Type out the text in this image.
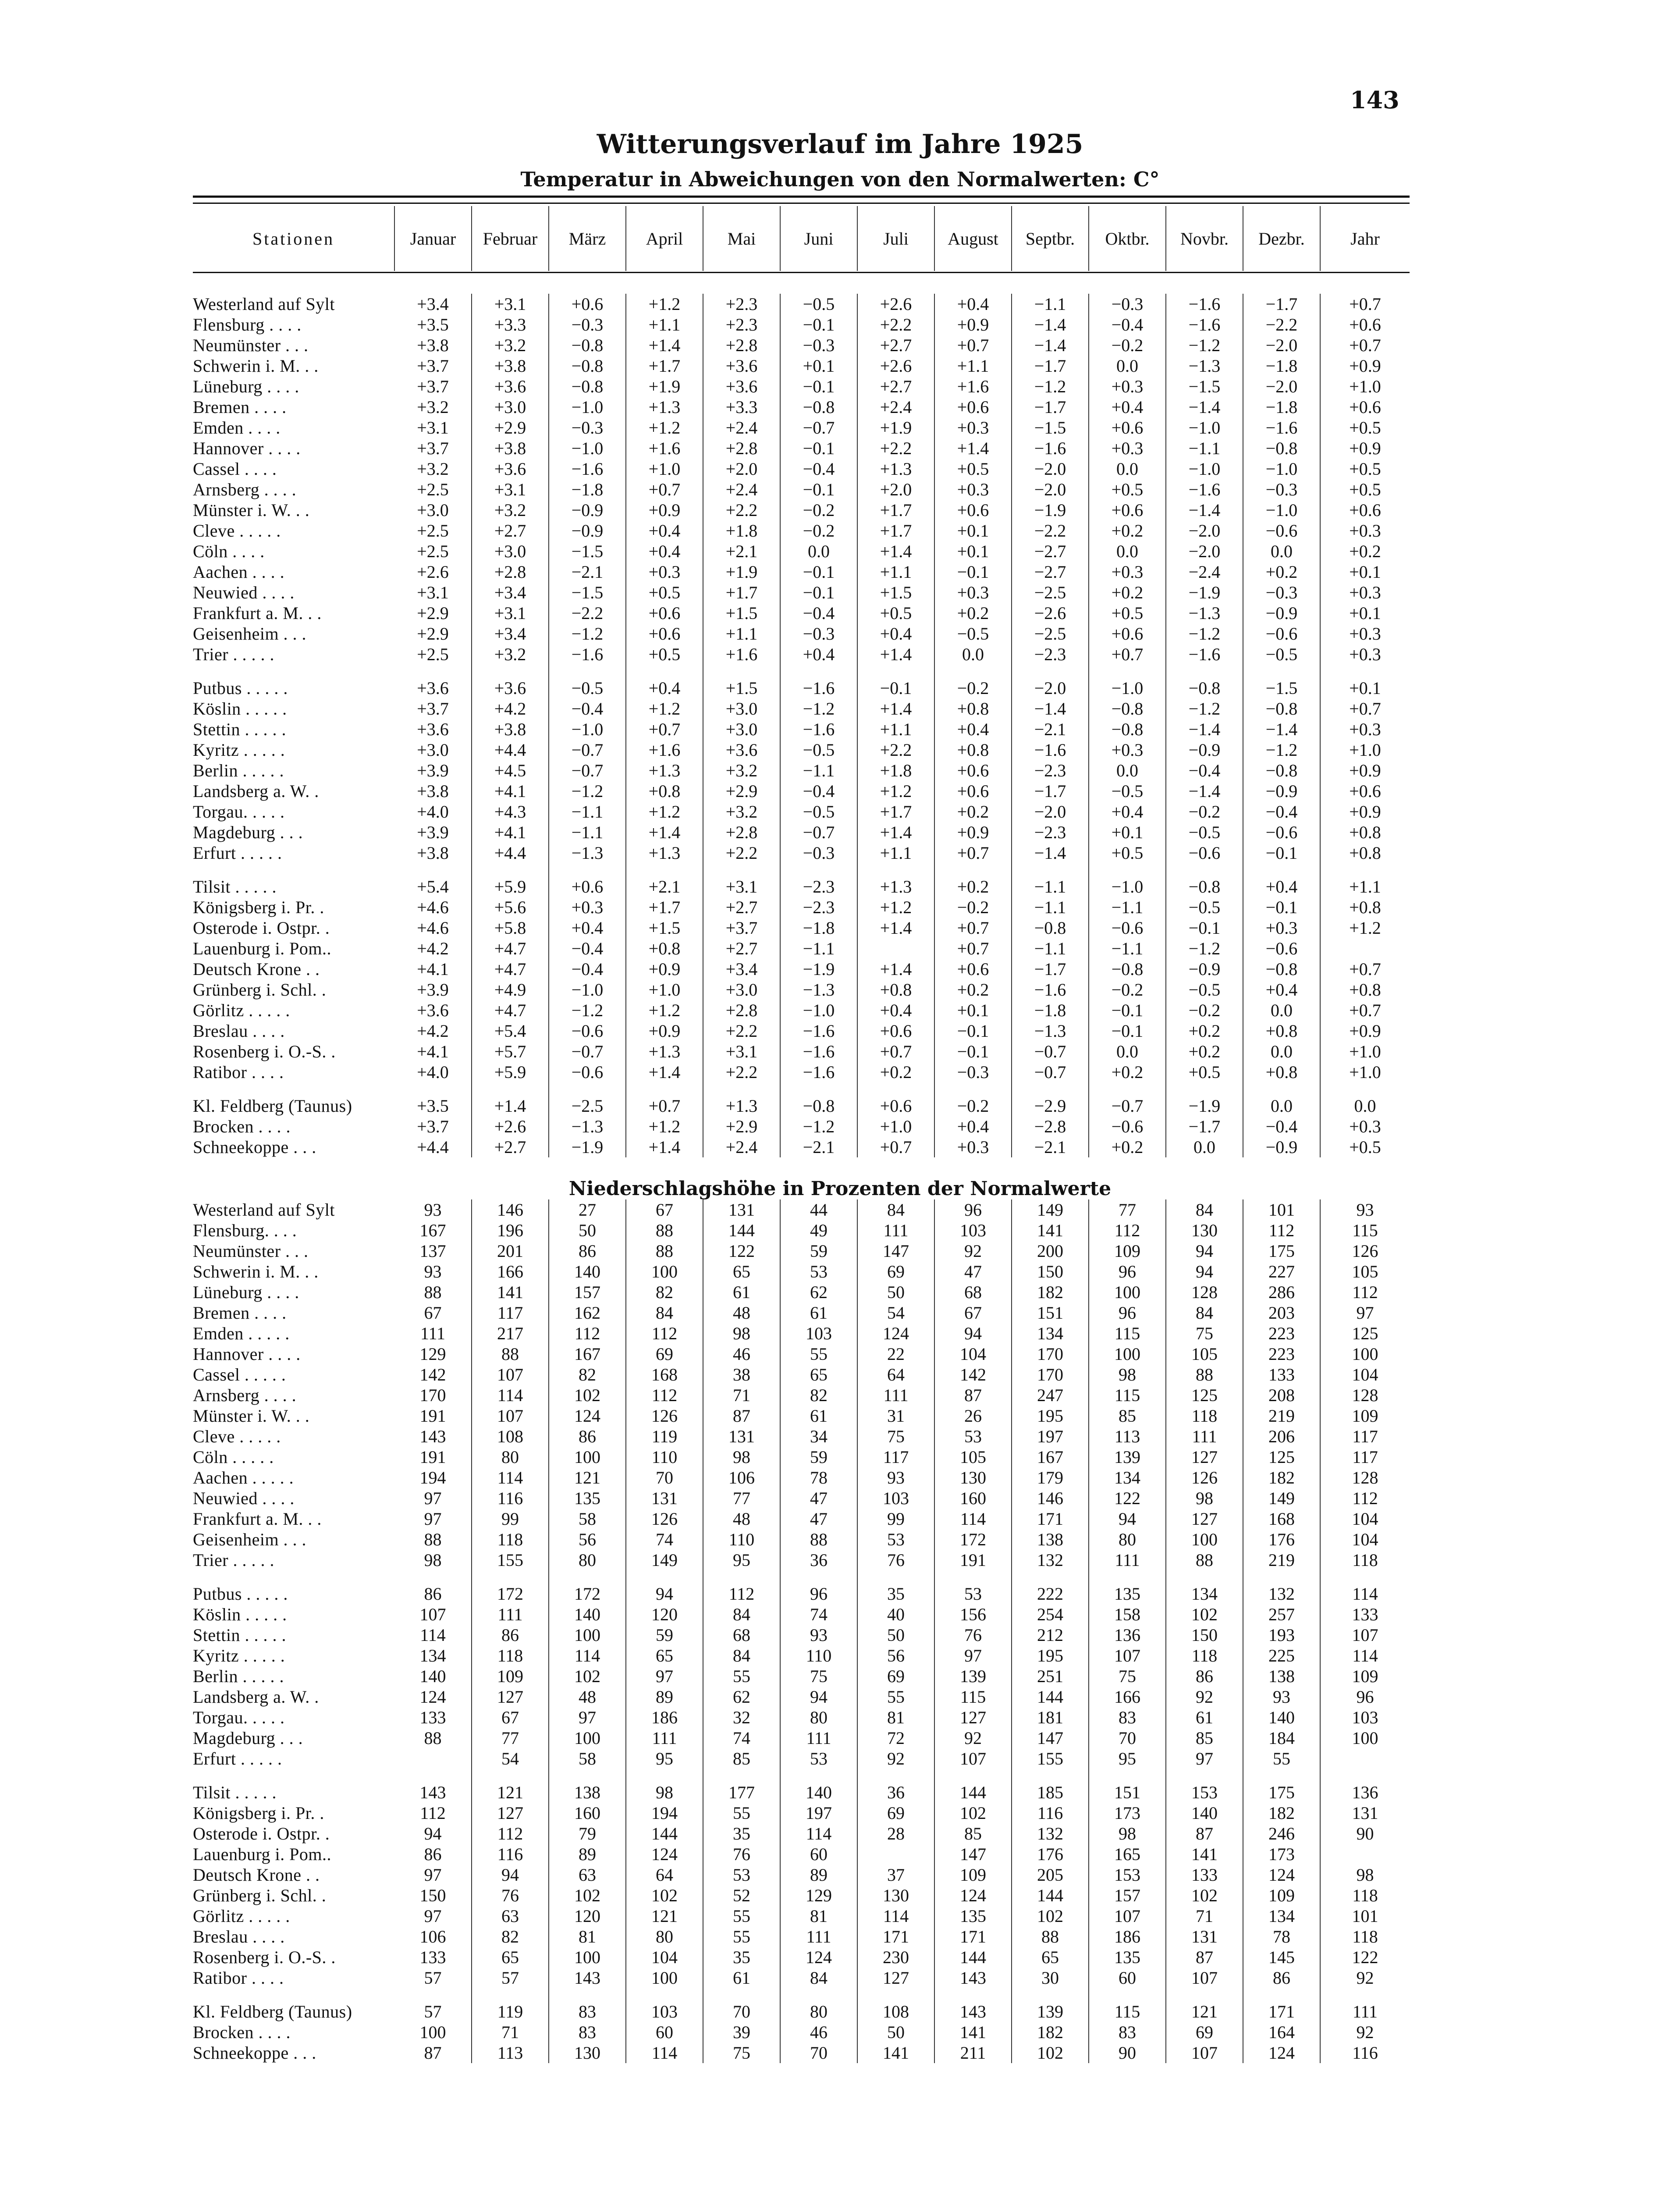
143
Witterungsverlauf im Jahre 1925
Temperatur in Abweichungen von den Normalwerten: C°
Stationen	Januar	Februar	März	April	Mai	Juni	Juli	August	Septbr.	Oktbr.	Novbr.	Dezbr.	Jahr
Westerland auf Sylt	+3.4	+3.1	+0.6	+1.2	+2.3	−0.5	+2.6	+0.4	−1.1	−0.3	−1.6	−1.7	+0.7
Flensburg . . . .	+3.5	+3.3	−0.3	+1.1	+2.3	−0.1	+2.2	+0.9	−1.4	−0.4	−1.6	−2.2	+0.6
Neumünster . . .	+3.8	+3.2	−0.8	+1.4	+2.8	−0.3	+2.7	+0.7	−1.4	−0.2	−1.2	−2.0	+0.7
Schwerin i. M. . .	+3.7	+3.8	−0.8	+1.7	+3.6	+0.1	+2.6	+1.1	−1.7	0.0	−1.3	−1.8	+0.9
Lüneburg . . . .	+3.7	+3.6	−0.8	+1.9	+3.6	−0.1	+2.7	+1.6	−1.2	+0.3	−1.5	−2.0	+1.0
Bremen . . . .	+3.2	+3.0	−1.0	+1.3	+3.3	−0.8	+2.4	+0.6	−1.7	+0.4	−1.4	−1.8	+0.6
Emden . . . .	+3.1	+2.9	−0.3	+1.2	+2.4	−0.7	+1.9	+0.3	−1.5	+0.6	−1.0	−1.6	+0.5
Hannover . . . .	+3.7	+3.8	−1.0	+1.6	+2.8	−0.1	+2.2	+1.4	−1.6	+0.3	−1.1	−0.8	+0.9
Cassel . . . .	+3.2	+3.6	−1.6	+1.0	+2.0	−0.4	+1.3	+0.5	−2.0	0.0	−1.0	−1.0	+0.5
Arnsberg . . . .	+2.5	+3.1	−1.8	+0.7	+2.4	−0.1	+2.0	+0.3	−2.0	+0.5	−1.6	−0.3	+0.5
Münster i. W. . .	+3.0	+3.2	−0.9	+0.9	+2.2	−0.2	+1.7	+0.6	−1.9	+0.6	−1.4	−1.0	+0.6
Cleve . . . . .	+2.5	+2.7	−0.9	+0.4	+1.8	−0.2	+1.7	+0.1	−2.2	+0.2	−2.0	−0.6	+0.3
Cöln . . . .	+2.5	+3.0	−1.5	+0.4	+2.1	0.0	+1.4	+0.1	−2.7	0.0	−2.0	0.0	+0.2
Aachen . . . .	+2.6	+2.8	−2.1	+0.3	+1.9	−0.1	+1.1	−0.1	−2.7	+0.3	−2.4	+0.2	+0.1
Neuwied . . . .	+3.1	+3.4	−1.5	+0.5	+1.7	−0.1	+1.5	+0.3	−2.5	+0.2	−1.9	−0.3	+0.3
Frankfurt a. M. . .	+2.9	+3.1	−2.2	+0.6	+1.5	−0.4	+0.5	+0.2	−2.6	+0.5	−1.3	−0.9	+0.1
Geisenheim . . .	+2.9	+3.4	−1.2	+0.6	+1.1	−0.3	+0.4	−0.5	−2.5	+0.6	−1.2	−0.6	+0.3
Trier . . . . .	+2.5	+3.2	−1.6	+0.5	+1.6	+0.4	+1.4	0.0	−2.3	+0.7	−1.6	−0.5	+0.3

Putbus . . . . .	+3.6	+3.6	−0.5	+0.4	+1.5	−1.6	−0.1	−0.2	−2.0	−1.0	−0.8	−1.5	+0.1
Köslin . . . . .	+3.7	+4.2	−0.4	+1.2	+3.0	−1.2	+1.4	+0.8	−1.4	−0.8	−1.2	−0.8	+0.7
Stettin . . . . .	+3.6	+3.8	−1.0	+0.7	+3.0	−1.6	+1.1	+0.4	−2.1	−0.8	−1.4	−1.4	+0.3
Kyritz . . . . .	+3.0	+4.4	−0.7	+1.6	+3.6	−0.5	+2.2	+0.8	−1.6	+0.3	−0.9	−1.2	+1.0
Berlin . . . . .	+3.9	+4.5	−0.7	+1.3	+3.2	−1.1	+1.8	+0.6	−2.3	0.0	−0.4	−0.8	+0.9
Landsberg a. W. .	+3.8	+4.1	−1.2	+0.8	+2.9	−0.4	+1.2	+0.6	−1.7	−0.5	−1.4	−0.9	+0.6
Torgau. . . . .	+4.0	+4.3	−1.1	+1.2	+3.2	−0.5	+1.7	+0.2	−2.0	+0.4	−0.2	−0.4	+0.9
Magdeburg . . .	+3.9	+4.1	−1.1	+1.4	+2.8	−0.7	+1.4	+0.9	−2.3	+0.1	−0.5	−0.6	+0.8
Erfurt . . . . .	+3.8	+4.4	−1.3	+1.3	+2.2	−0.3	+1.1	+0.7	−1.4	+0.5	−0.6	−0.1	+0.8

Tilsit . . . . .	+5.4	+5.9	+0.6	+2.1	+3.1	−2.3	+1.3	+0.2	−1.1	−1.0	−0.8	+0.4	+1.1
Königsberg i. Pr. .	+4.6	+5.6	+0.3	+1.7	+2.7	−2.3	+1.2	−0.2	−1.1	−1.1	−0.5	−0.1	+0.8
Osterode i. Ostpr. .	+4.6	+5.8	+0.4	+1.5	+3.7	−1.8	+1.4	+0.7	−0.8	−0.6	−0.1	+0.3	+1.2
Lauenburg i. Pom..	+4.2	+4.7	−0.4	+0.8	+2.7	−1.1		+0.7	−1.1	−1.1	−1.2	−0.6	
Deutsch Krone . .	+4.1	+4.7	−0.4	+0.9	+3.4	−1.9	+1.4	+0.6	−1.7	−0.8	−0.9	−0.8	+0.7
Grünberg i. Schl. .	+3.9	+4.9	−1.0	+1.0	+3.0	−1.3	+0.8	+0.2	−1.6	−0.2	−0.5	+0.4	+0.8
Görlitz . . . . .	+3.6	+4.7	−1.2	+1.2	+2.8	−1.0	+0.4	+0.1	−1.8	−0.1	−0.2	0.0	+0.7
Breslau . . . .	+4.2	+5.4	−0.6	+0.9	+2.2	−1.6	+0.6	−0.1	−1.3	−0.1	+0.2	+0.8	+0.9
Rosenberg i. O.-S. .	+4.1	+5.7	−0.7	+1.3	+3.1	−1.6	+0.7	−0.1	−0.7	0.0	+0.2	0.0	+1.0
Ratibor . . . .	+4.0	+5.9	−0.6	+1.4	+2.2	−1.6	+0.2	−0.3	−0.7	+0.2	+0.5	+0.8	+1.0

Kl. Feldberg (Taunus)	+3.5	+1.4	−2.5	+0.7	+1.3	−0.8	+0.6	−0.2	−2.9	−0.7	−1.9	0.0	0.0
Brocken . . . .	+3.7	+2.6	−1.3	+1.2	+2.9	−1.2	+1.0	+0.4	−2.8	−0.6	−1.7	−0.4	+0.3
Schneekoppe . . .	+4.4	+2.7	−1.9	+1.4	+2.4	−2.1	+0.7	+0.3	−2.1	+0.2	0.0	−0.9	+0.5
Niederschlagshöhe in Prozenten der Normalwerte
Westerland auf Sylt	93	146	27	67	131	44	84	96	149	77	84	101	93
Flensburg. . . .	167	196	50	88	144	49	111	103	141	112	130	112	115
Neumünster . . .	137	201	86	88	122	59	147	92	200	109	94	175	126
Schwerin i. M. . .	93	166	140	100	65	53	69	47	150	96	94	227	105
Lüneburg . . . .	88	141	157	82	61	62	50	68	182	100	128	286	112
Bremen . . . .	67	117	162	84	48	61	54	67	151	96	84	203	97
Emden . . . . .	111	217	112	112	98	103	124	94	134	115	75	223	125
Hannover . . . .	129	88	167	69	46	55	22	104	170	100	105	223	100
Cassel . . . . .	142	107	82	168	38	65	64	142	170	98	88	133	104
Arnsberg . . . .	170	114	102	112	71	82	111	87	247	115	125	208	128
Münster i. W. . .	191	107	124	126	87	61	31	26	195	85	118	219	109
Cleve . . . . .	143	108	86	119	131	34	75	53	197	113	111	206	117
Cöln . . . . .	191	80	100	110	98	59	117	105	167	139	127	125	117
Aachen . . . . .	194	114	121	70	106	78	93	130	179	134	126	182	128
Neuwied . . . .	97	116	135	131	77	47	103	160	146	122	98	149	112
Frankfurt a. M. . .	97	99	58	126	48	47	99	114	171	94	127	168	104
Geisenheim . . .	88	118	56	74	110	88	53	172	138	80	100	176	104
Trier . . . . .	98	155	80	149	95	36	76	191	132	111	88	219	118

Putbus . . . . .	86	172	172	94	112	96	35	53	222	135	134	132	114
Köslin . . . . .	107	111	140	120	84	74	40	156	254	158	102	257	133
Stettin . . . . .	114	86	100	59	68	93	50	76	212	136	150	193	107
Kyritz . . . . .	134	118	114	65	84	110	56	97	195	107	118	225	114
Berlin . . . . .	140	109	102	97	55	75	69	139	251	75	86	138	109
Landsberg a. W. .	124	127	48	89	62	94	55	115	144	166	92	93	96
Torgau. . . . .	133	67	97	186	32	80	81	127	181	83	61	140	103
Magdeburg . . .	88	77	100	111	74	111	72	92	147	70	85	184	100
Erfurt . . . . .		54	58	95	85	53	92	107	155	95	97	55	

Tilsit . . . . .	143	121	138	98	177	140	36	144	185	151	153	175	136
Königsberg i. Pr. .	112	127	160	194	55	197	69	102	116	173	140	182	131
Osterode i. Ostpr. .	94	112	79	144	35	114	28	85	132	98	87	246	90
Lauenburg i. Pom..	86	116	89	124	76	60		147	176	165	141	173	
Deutsch Krone . .	97	94	63	64	53	89	37	109	205	153	133	124	98
Grünberg i. Schl. .	150	76	102	102	52	129	130	124	144	157	102	109	118
Görlitz . . . . .	97	63	120	121	55	81	114	135	102	107	71	134	101
Breslau . . . .	106	82	81	80	55	111	171	171	88	186	131	78	118
Rosenberg i. O.-S. .	133	65	100	104	35	124	230	144	65	135	87	145	122
Ratibor . . . .	57	57	143	100	61	84	127	143	30	60	107	86	92

Kl. Feldberg (Taunus)	57	119	83	103	70	80	108	143	139	115	121	171	111
Brocken . . . .	100	71	83	60	39	46	50	141	182	83	69	164	92
Schneekoppe . . .	87	113	130	114	75	70	141	211	102	90	107	124	116
